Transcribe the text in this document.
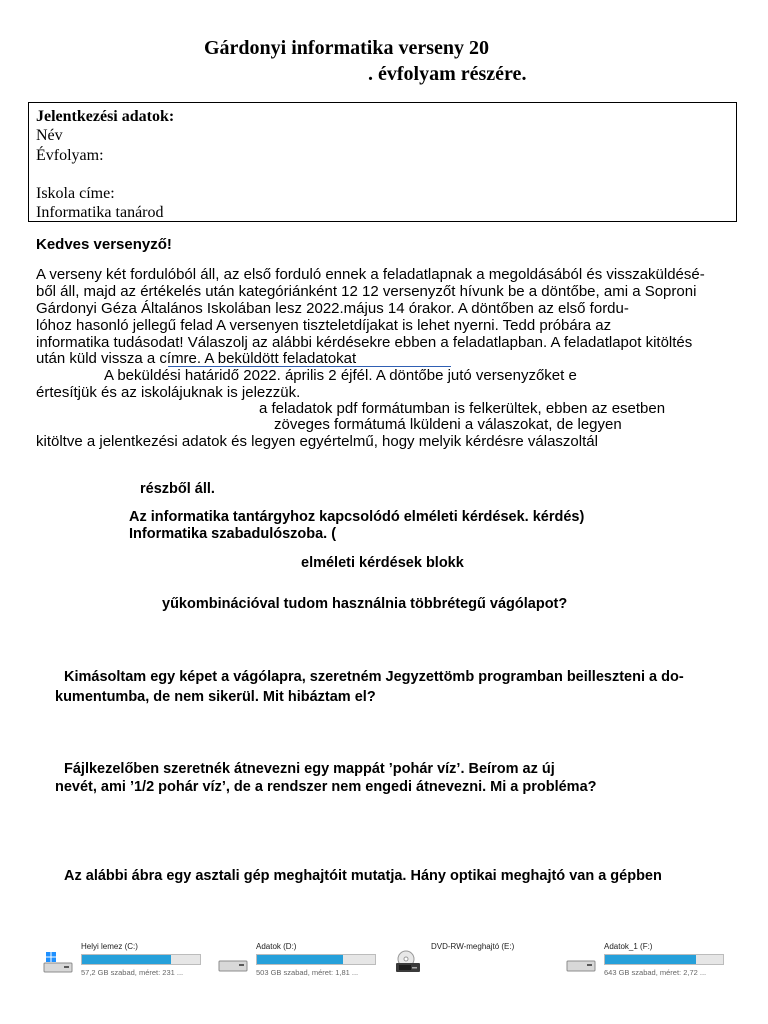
Gárdonyi informatika verseny 20
. évfolyam részére.
Jelentkezési adatok:
Név
Évfolyam:
Iskola címe:
Informatika tanárod
Kedves versenyző!
A verseny két fordulóból áll, az első forduló ennek a feladatlapnak a megoldásából és visszaküldésé-
ből áll, majd az értékelés után kategóriánként 12 12 versenyzőt hívunk be a döntőbe, ami a Soproni
Gárdonyi Géza Általános Iskolában lesz 2022.május 14 órakor. A döntőben az első fordu-
lóhoz hasonló jellegű felad A versenyen tiszteletdíjakat is lehet nyerni. Tedd próbára az
informatika tudásodat! Válaszolj az alábbi kérdésekre ebben a feladatlapban. A feladatlapot kitöltés
után küld vissza a címre. A beküldött feladatokat
A beküldési határidő 2022. április 2 éjfél. A döntőbe jutó versenyzőket e
értesítjük és az iskolájuknak is jelezzük.
a feladatok pdf formátumban is felkerültek, ebben az esetben
zöveges formátumá lküldeni a válaszokat, de legyen
kitöltve a jelentkezési adatok és legyen egyértelmű, hogy melyik kérdésre válaszoltál
részből áll.
Az informatika tantárgyhoz kapcsolódó elméleti kérdések. kérdés)
Informatika szabadulószoba. (
elméleti kérdések blokk
yűkombinációval tudom használnia többrétegű vágólapot?
Kimásoltam egy képet a vágólapra, szeretném Jegyzettömb programban beilleszteni a do-
kumentumba, de nem sikerül. Mit hibáztam el?
Fájlkezelőben szeretnék átnevezni egy mappát ’pohár víz’. Beírom az új
nevét, ami ’1/2 pohár víz’, de a rendszer nem engedi átnevezni. Mi a probléma?
Az alábbi ábra egy asztali gép meghajtóit mutatja. Hány optikai meghajtó van a gépben
Helyi lemez (C:)
57,2 GB szabad, méret: 231 ...
Adatok (D:)
503 GB szabad, méret: 1,81 ...
DVD-RW-meghajtó (E:)	Adatok_1 (F:)
643 GB szabad, méret: 2,72 ...
